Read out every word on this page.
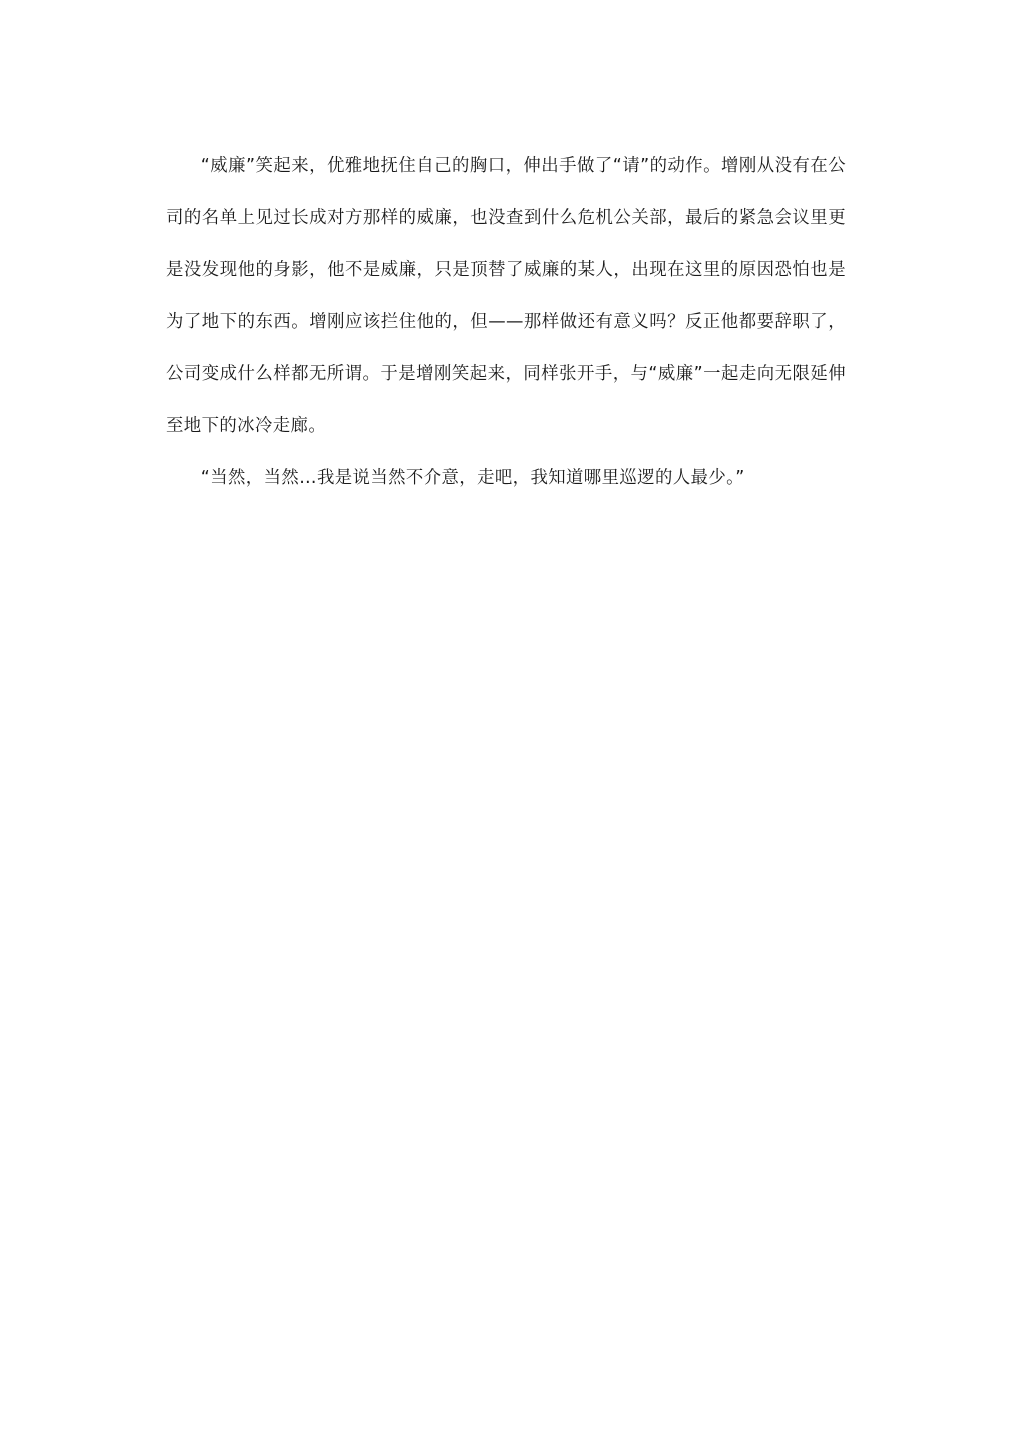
“威廉”笑起来，优雅地抚住自己的胸口，伸出手做了“请”的动作。增刚从没有在公司的名单上见过长成对方那样的威廉，也没查到什么危机公关部，最后的紧急会议里更是没发现他的身影，他不是威廉，只是顶替了威廉的某人，出现在这里的原因恐怕也是为了地下的东西。增刚应该拦住他的，但——那样做还有意义吗？反正他都要辞职了，公司变成什么样都无所谓。于是增刚笑起来，同样张开手，与“威廉”一起走向无限延伸至地下的冰冷走廊。

“当然，当然…我是说当然不介意，走吧，我知道哪里巡逻的人最少。”
